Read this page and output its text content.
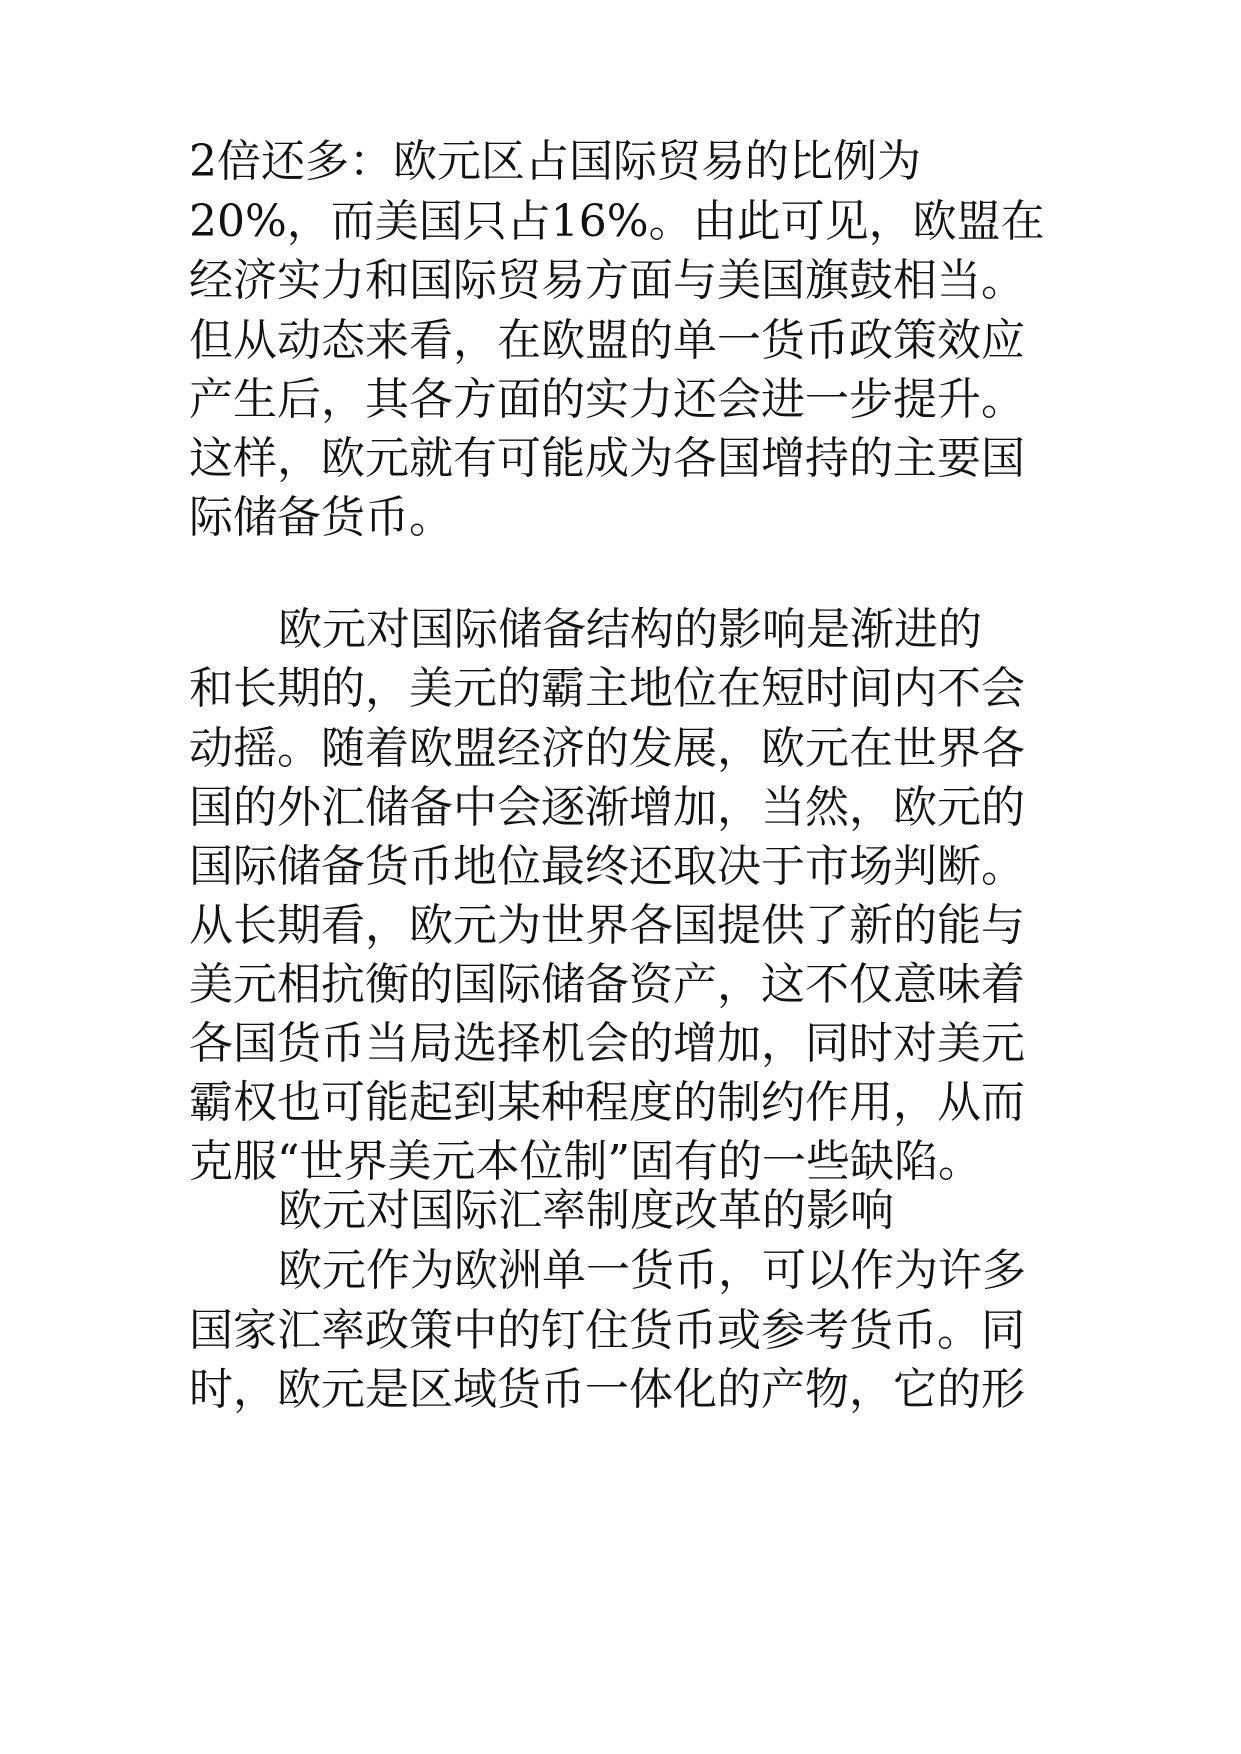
2倍还多：欧元区占国际贸易的比例为

20%，而美国只占16%。由此可见，欧盟在

经济实力和国际贸易方面与美国旗鼓相当。

但从动态来看，在欧盟的单一货币政策效应

产生后，其各方面的实力还会进一步提升。

这样，欧元就有可能成为各国增持的主要国

际储备货币。

欧元对国际储备结构的影响是渐进的

和长期的，美元的霸主地位在短时间内不会

动摇。随着欧盟经济的发展，欧元在世界各

国的外汇储备中会逐渐增加，当然，欧元的

国际储备货币地位最终还取决于市场判断。

从长期看，欧元为世界各国提供了新的能与

美元相抗衡的国际储备资产，这不仅意味着

各国货币当局选择机会的增加，同时对美元

霸权也可能起到某种程度的制约作用，从而

克服“世界美元本位制”固有的一些缺陷。

欧元对国际汇率制度改革的影响

欧元作为欧洲单一货币，可以作为许多

国家汇率政策中的钉住货币或参考货币。同

时，欧元是区域货币一体化的产物，它的形
